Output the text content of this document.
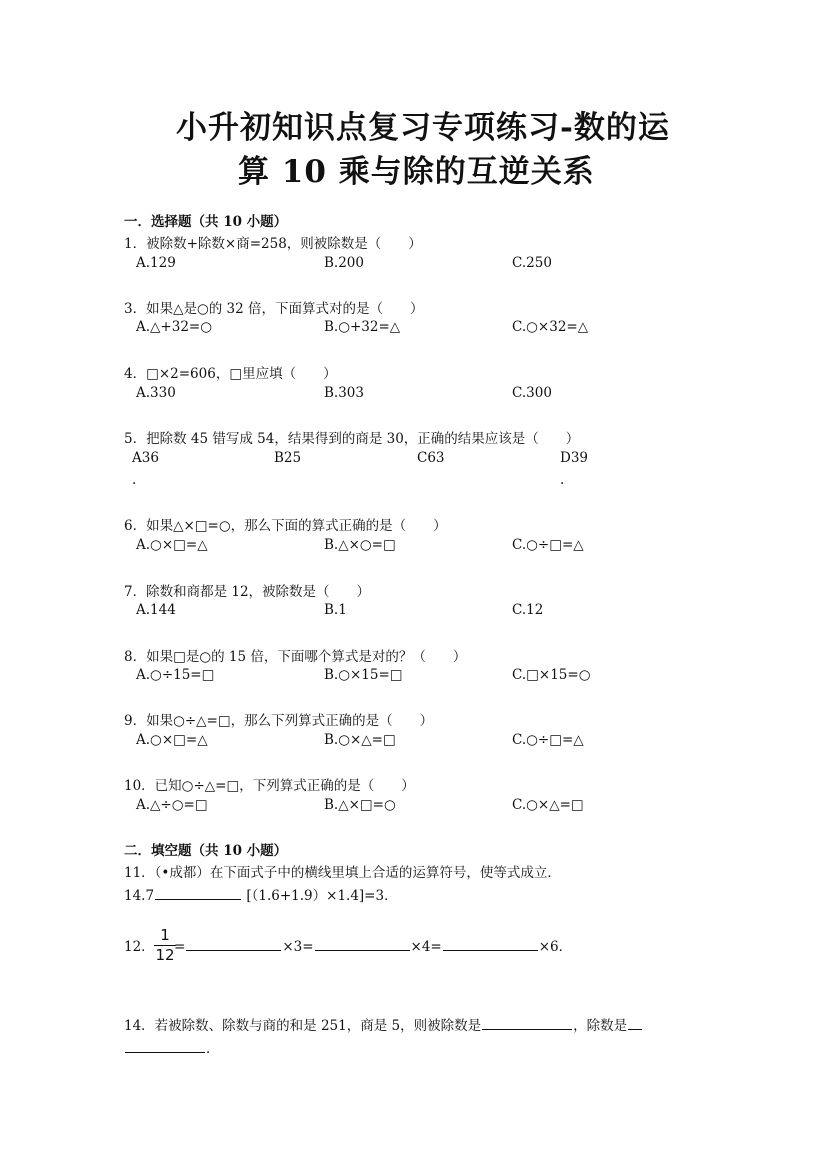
小升初知识点复习专项练习-数的运
算 10 乘与除的互逆关系
一．选择题（共 10 小题）
1．被除数+除数×商=258，则被除数是（　　）
A.129	B.200	C.250
3．如果△是○的 32 倍，下面算式对的是（　　）
A.△+32=○	B.○+32=△	C.○×32=△
4．□×2=606，□里应填（　　）
A.330	B.303	C.300
5．把除数 45 错写成 54，结果得到的商是 30，正确的结果应该是（　　）
A36	B25	C63	D39
.	.
6．如果△×□=○，那么下面的算式正确的是（　　）
A.○×□=△	B.△×○=□	C.○÷□=△
7．除数和商都是 12，被除数是（　　）
A.144	B.1	C.12
8．如果□是○的 15 倍，下面哪个算式是对的？（　　）
A.○÷15=□	B.○×15=□	C.□×15=○
9．如果○÷△=□，那么下列算式正确的是（　　）
A.○×□=△	B.○×△=□	C.○÷□=△
10．已知○÷△=□，下列算式正确的是（　　）
A.△÷○=□	B.△×□=○	C.○×△=□
二．填空题（共 10 小题）
11．（•成都）在下面式子中的横线里填上合适的运算符号，使等式成立．
14.7	[（1.6+1.9）×1.4]=3．
12．
1
12 =	×3=	×4=	×6．
14．若被除数、除数与商的和是 251，商是 5，则被除数是	，除数是
．
